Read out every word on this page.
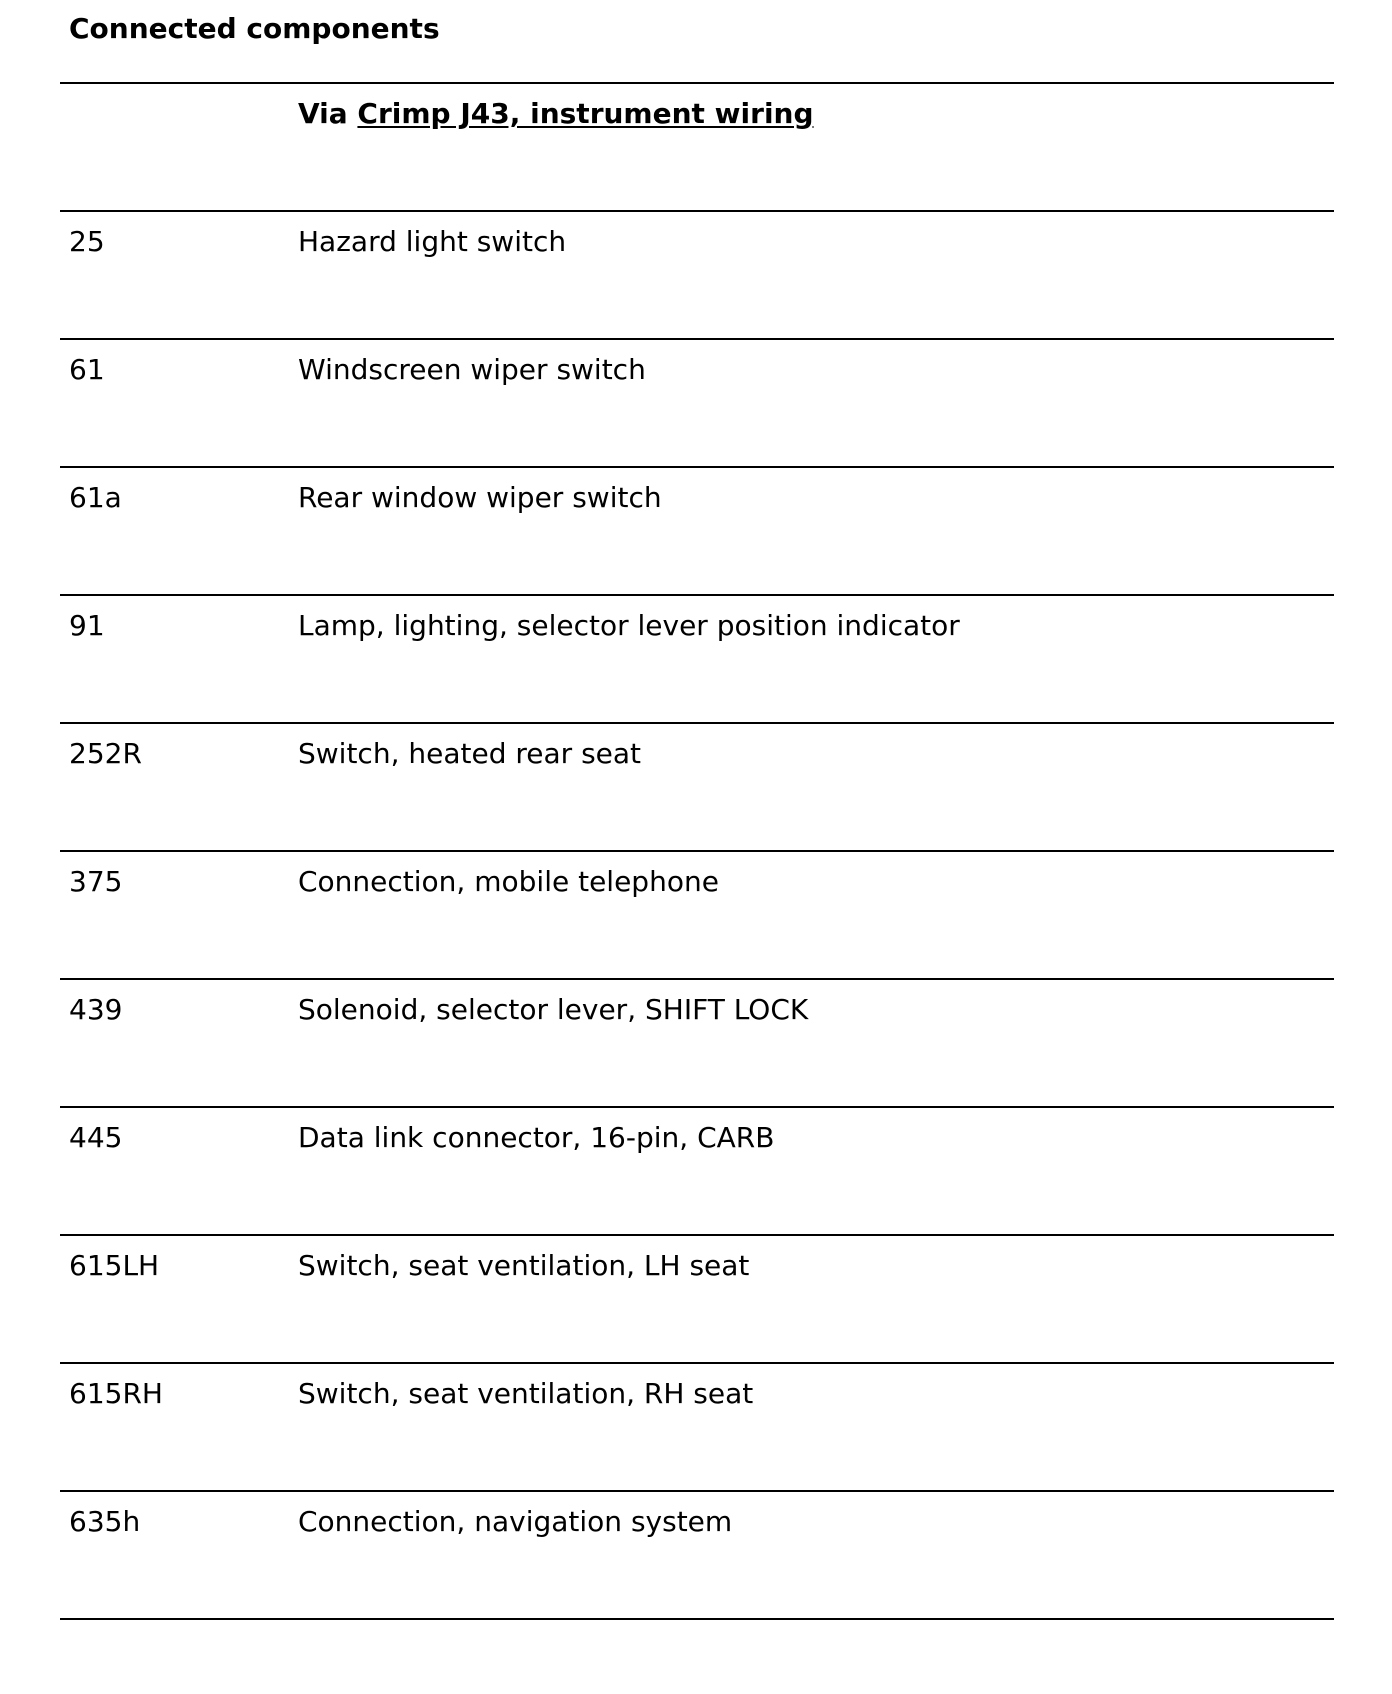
Connected components
Via Crimp J43, instrument wiring
25	Hazard light switch
61	Windscreen wiper switch
61a	Rear window wiper switch
91	Lamp, lighting, selector lever position indicator
252R	Switch, heated rear seat
375	Connection, mobile telephone
439	Solenoid, selector lever, SHIFT LOCK
445	Data link connector, 16-pin, CARB
615LH	Switch, seat ventilation, LH seat
615RH	Switch, seat ventilation, RH seat
635h	Connection, navigation system
